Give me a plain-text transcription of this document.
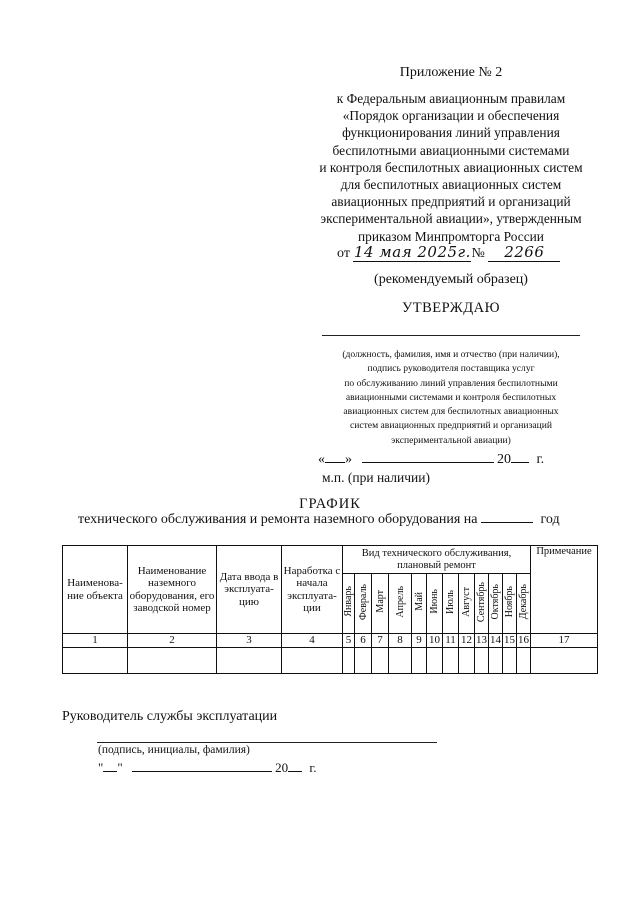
Приложение № 2
к Федеральным авиационным правилам
«Порядок организации и обеспечения
функционирования линий управления
беспилотными авиационными системами
и контроля беспилотных авиационных систем
для беспилотных авиационных систем
авиационных предприятий и организаций
экспериментальной авиации», утвержденным
приказом Минпромторга России
от 14 мая 2025г.№ 2266
(рекомендуемый образец)
УТВЕРЖДАЮ
(должность, фамилия, имя и отчество (при наличии),
подпись руководителя поставщика услуг
по обслуживанию линий управления беспилотными
авиационными системами и контроля беспилотных
авиационных систем для беспилотных авиационных
систем авиационных предприятий и организаций
экспериментальной авиации)
« »	20 г.
м.п. (при наличии)
ГРАФИК
технического обслуживания и ремонта наземного оборудования на	год
Наименова-ние объекта	Наименование наземного оборудования, его заводской номер	Дата ввода в эксплуата-цию	Наработка с начала эксплуата-ции	Вид технического обслуживания, плановый ремонт												Примечание
				Январь	Февраль	Март	Апрель	Май	Июнь	Июль	Август	Сентябрь	Октябрь	Ноябрь	Декабрь	
1	2	3	4	5	6	7	8	9	10	11	12	13	14	15	16	17

Руководитель службы эксплуатации
(подпись, инициалы, фамилия)
" "	20 г.
